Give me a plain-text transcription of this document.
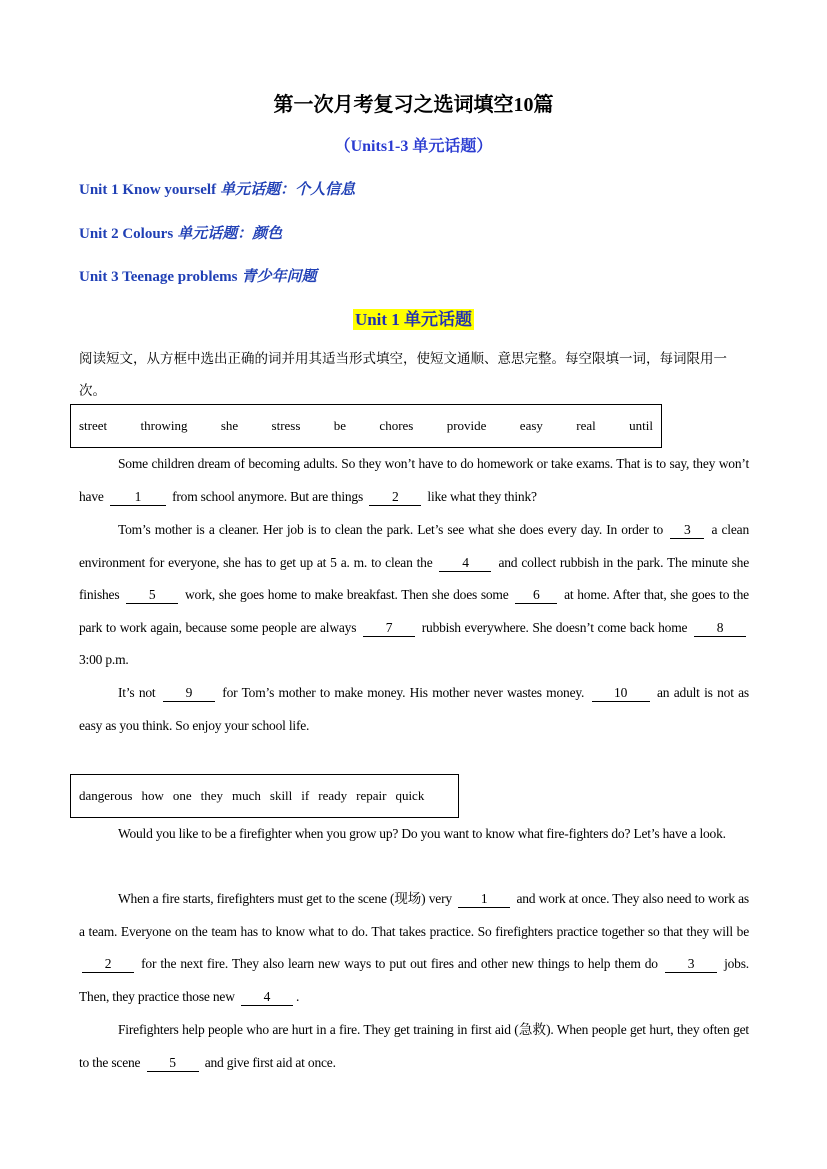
第一次月考复习之选词填空10篇
（Units1-3 单元话题）
Unit 1 Know yourself 单元话题：个人信息
Unit 2 Colours 单元话题：颜色
Unit 3 Teenage problems 青少年问题
Unit 1 单元话题
阅读短文，从方框中选出正确的词并用其适当形式填空，使短文通顺、意思完整。每空限填一词，每词限用一次。
street	throwing	she	stress	be	chores	provide	easy	real	until
Some children dream of becoming adults. So they won’t have to do homework or take exams. That is to say, they won’t have 1 from school anymore. But are things 2 like what they think?
Tom’s mother is a cleaner. Her job is to clean the park. Let’s see what she does every day. In order to 3 a clean environment for everyone, she has to get up at 5 a. m. to clean the 4 and collect rubbish in the park. The minute she finishes 5 work, she goes home to make breakfast. Then she does some 6 at home. After that, she goes to the park to work again, because some people are always 7 rubbish everywhere. She doesn’t come back home 8 3:00 p.m.
It’s not 9 for Tom’s mother to make money. His mother never wastes money. 10 an adult is not as easy as you think. So enjoy your school life.
dangerous how one they much skill if ready repair quick
Would you like to be a firefighter when you grow up? Do you want to know what fire-fighters do? Let’s have a look.
When a fire starts, firefighters must get to the scene (现场) very 1 and work at once. They also need to work as a team. Everyone on the team has to know what to do. That takes practice. So firefighters practice together so that they will be 2 for the next fire. They also learn new ways to put out fires and other new things to help them do 3 jobs. Then, they practice those new 4 .
Firefighters help people who are hurt in a fire. They get training in first aid (急救). When people get hurt, they often get to the scene 5 and give first aid at once.
